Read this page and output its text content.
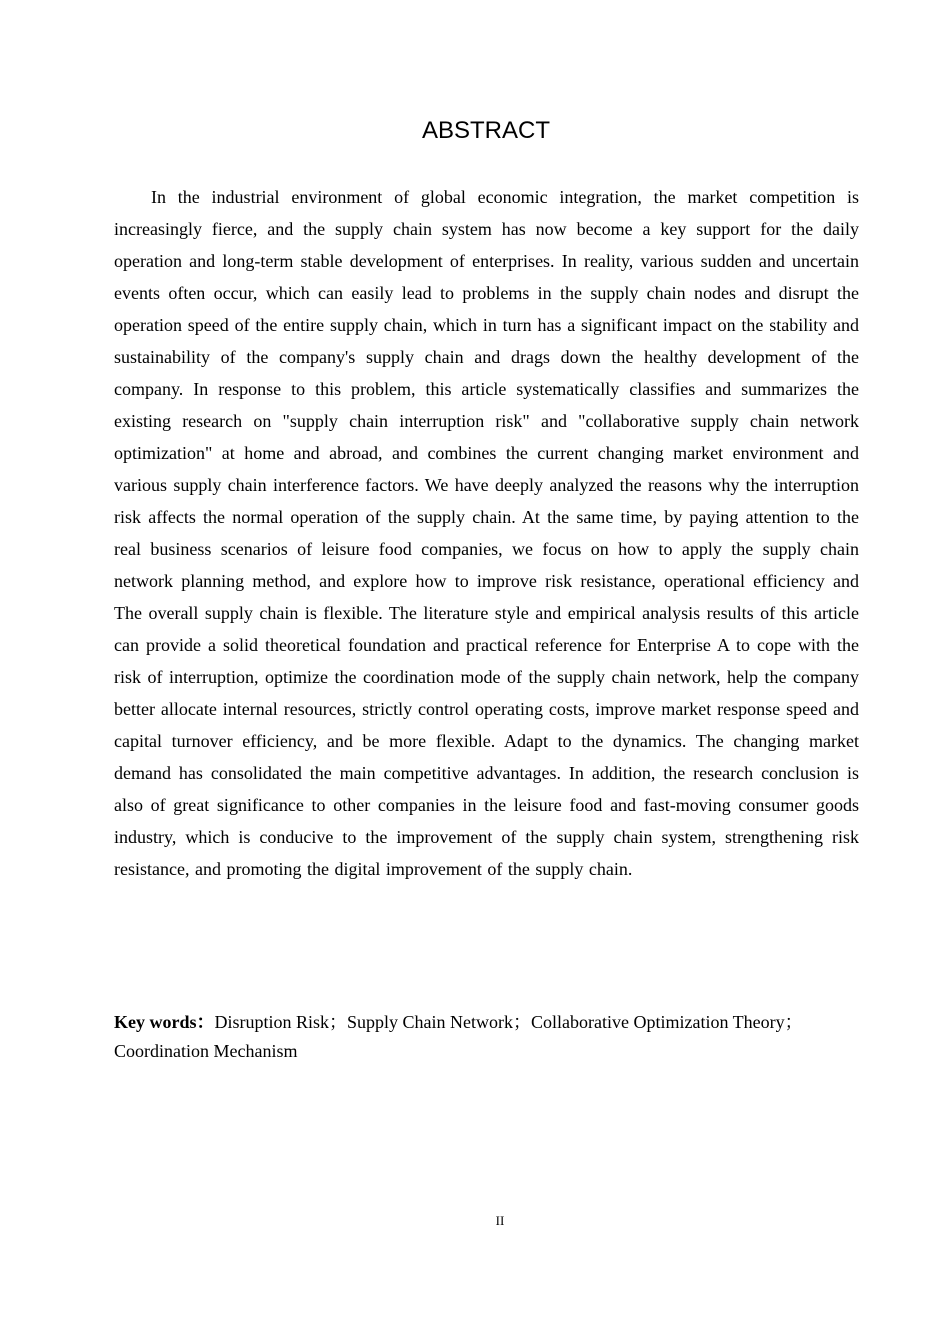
ABSTRACT

In the industrial environment of global economic integration, the market competition is increasingly fierce, and the supply chain system has now become a key support for the daily operation and long-term stable development of enterprises. In reality, various sudden and uncertain events often occur, which can easily lead to problems in the supply chain nodes and disrupt the operation speed of the entire supply chain, which in turn has a significant impact on the stability and sustainability of the company's supply chain and drags down the healthy development of the company. In response to this problem, this article systematically classifies and summarizes the existing research on "supply chain interruption risk" and "collaborative supply chain network optimization" at home and abroad, and combines the current changing market environment and various supply chain interference factors. We have deeply analyzed the reasons why the interruption risk affects the normal operation of the supply chain. At the same time, by paying attention to the real business scenarios of leisure food companies, we focus on how to apply the supply chain network planning method, and explore how to improve risk resistance, operational efficiency and The overall supply chain is flexible. The literature style and empirical analysis results of this article can provide a solid theoretical foundation and practical reference for Enterprise A to cope with the risk of interruption, optimize the coordination mode of the supply chain network, help the company better allocate internal resources, strictly control operating costs, improve market response speed and capital turnover efficiency, and be more flexible. Adapt to the dynamics. The changing market demand has consolidated the main competitive advantages. In addition, the research conclusion is also of great significance to other companies in the leisure food and fast-moving consumer goods industry, which is conducive to the improvement of the supply chain system, strengthening risk resistance, and promoting the digital improvement of the supply chain.

Key words：Disruption Risk；Supply Chain Network；Collaborative Optimization Theory；Coordination Mechanism
II
